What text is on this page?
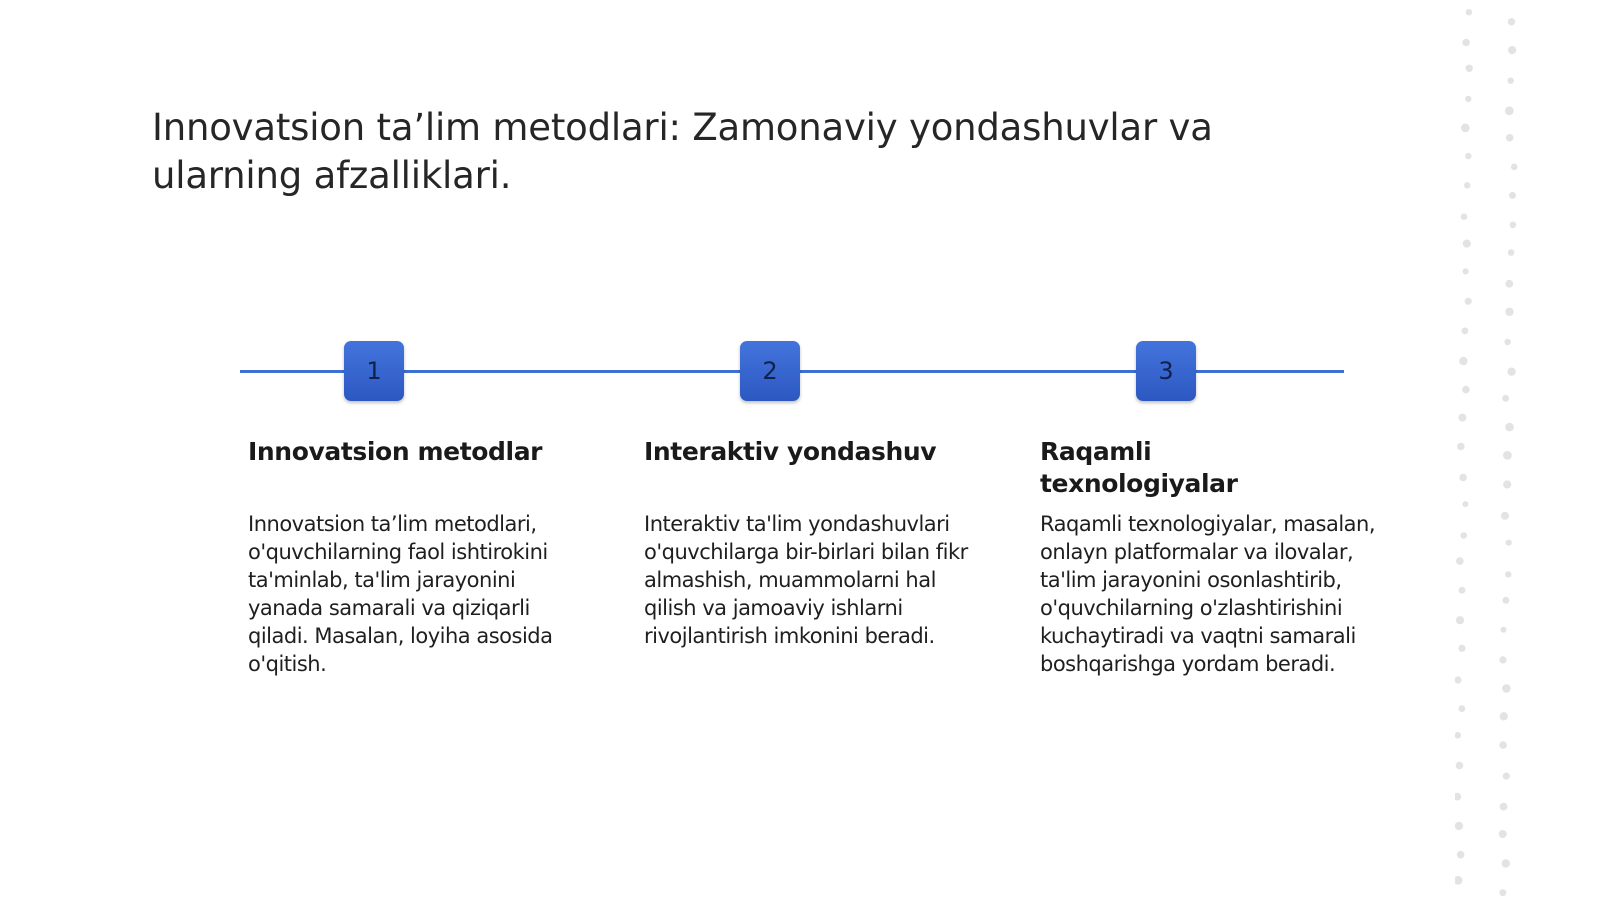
Innovatsion ta’lim metodlari: Zamonaviy yondashuvlar va ularning afzalliklari.
1	2	3
Innovatsion metodlar

Innovatsion ta’lim metodlari, o'quvchilarning faol ishtirokini ta'minlab, ta'lim jarayonini yanada samarali va qiziqarli qiladi. Masalan, loyiha asosida o'qitish.

Interaktiv yondashuv

Interaktiv ta'lim yondashuvlari o'quvchilarga bir-birlari bilan fikr almashish, muammolarni hal qilish va jamoaviy ishlarni rivojlantirish imkonini beradi.

Raqamli texnologiyalar

Raqamli texnologiyalar, masalan, onlayn platformalar va ilovalar, ta'lim jarayonini osonlashtirib, o'quvchilarning o'zlashtirishini kuchaytiradi va vaqtni samarali boshqarishga yordam beradi.
